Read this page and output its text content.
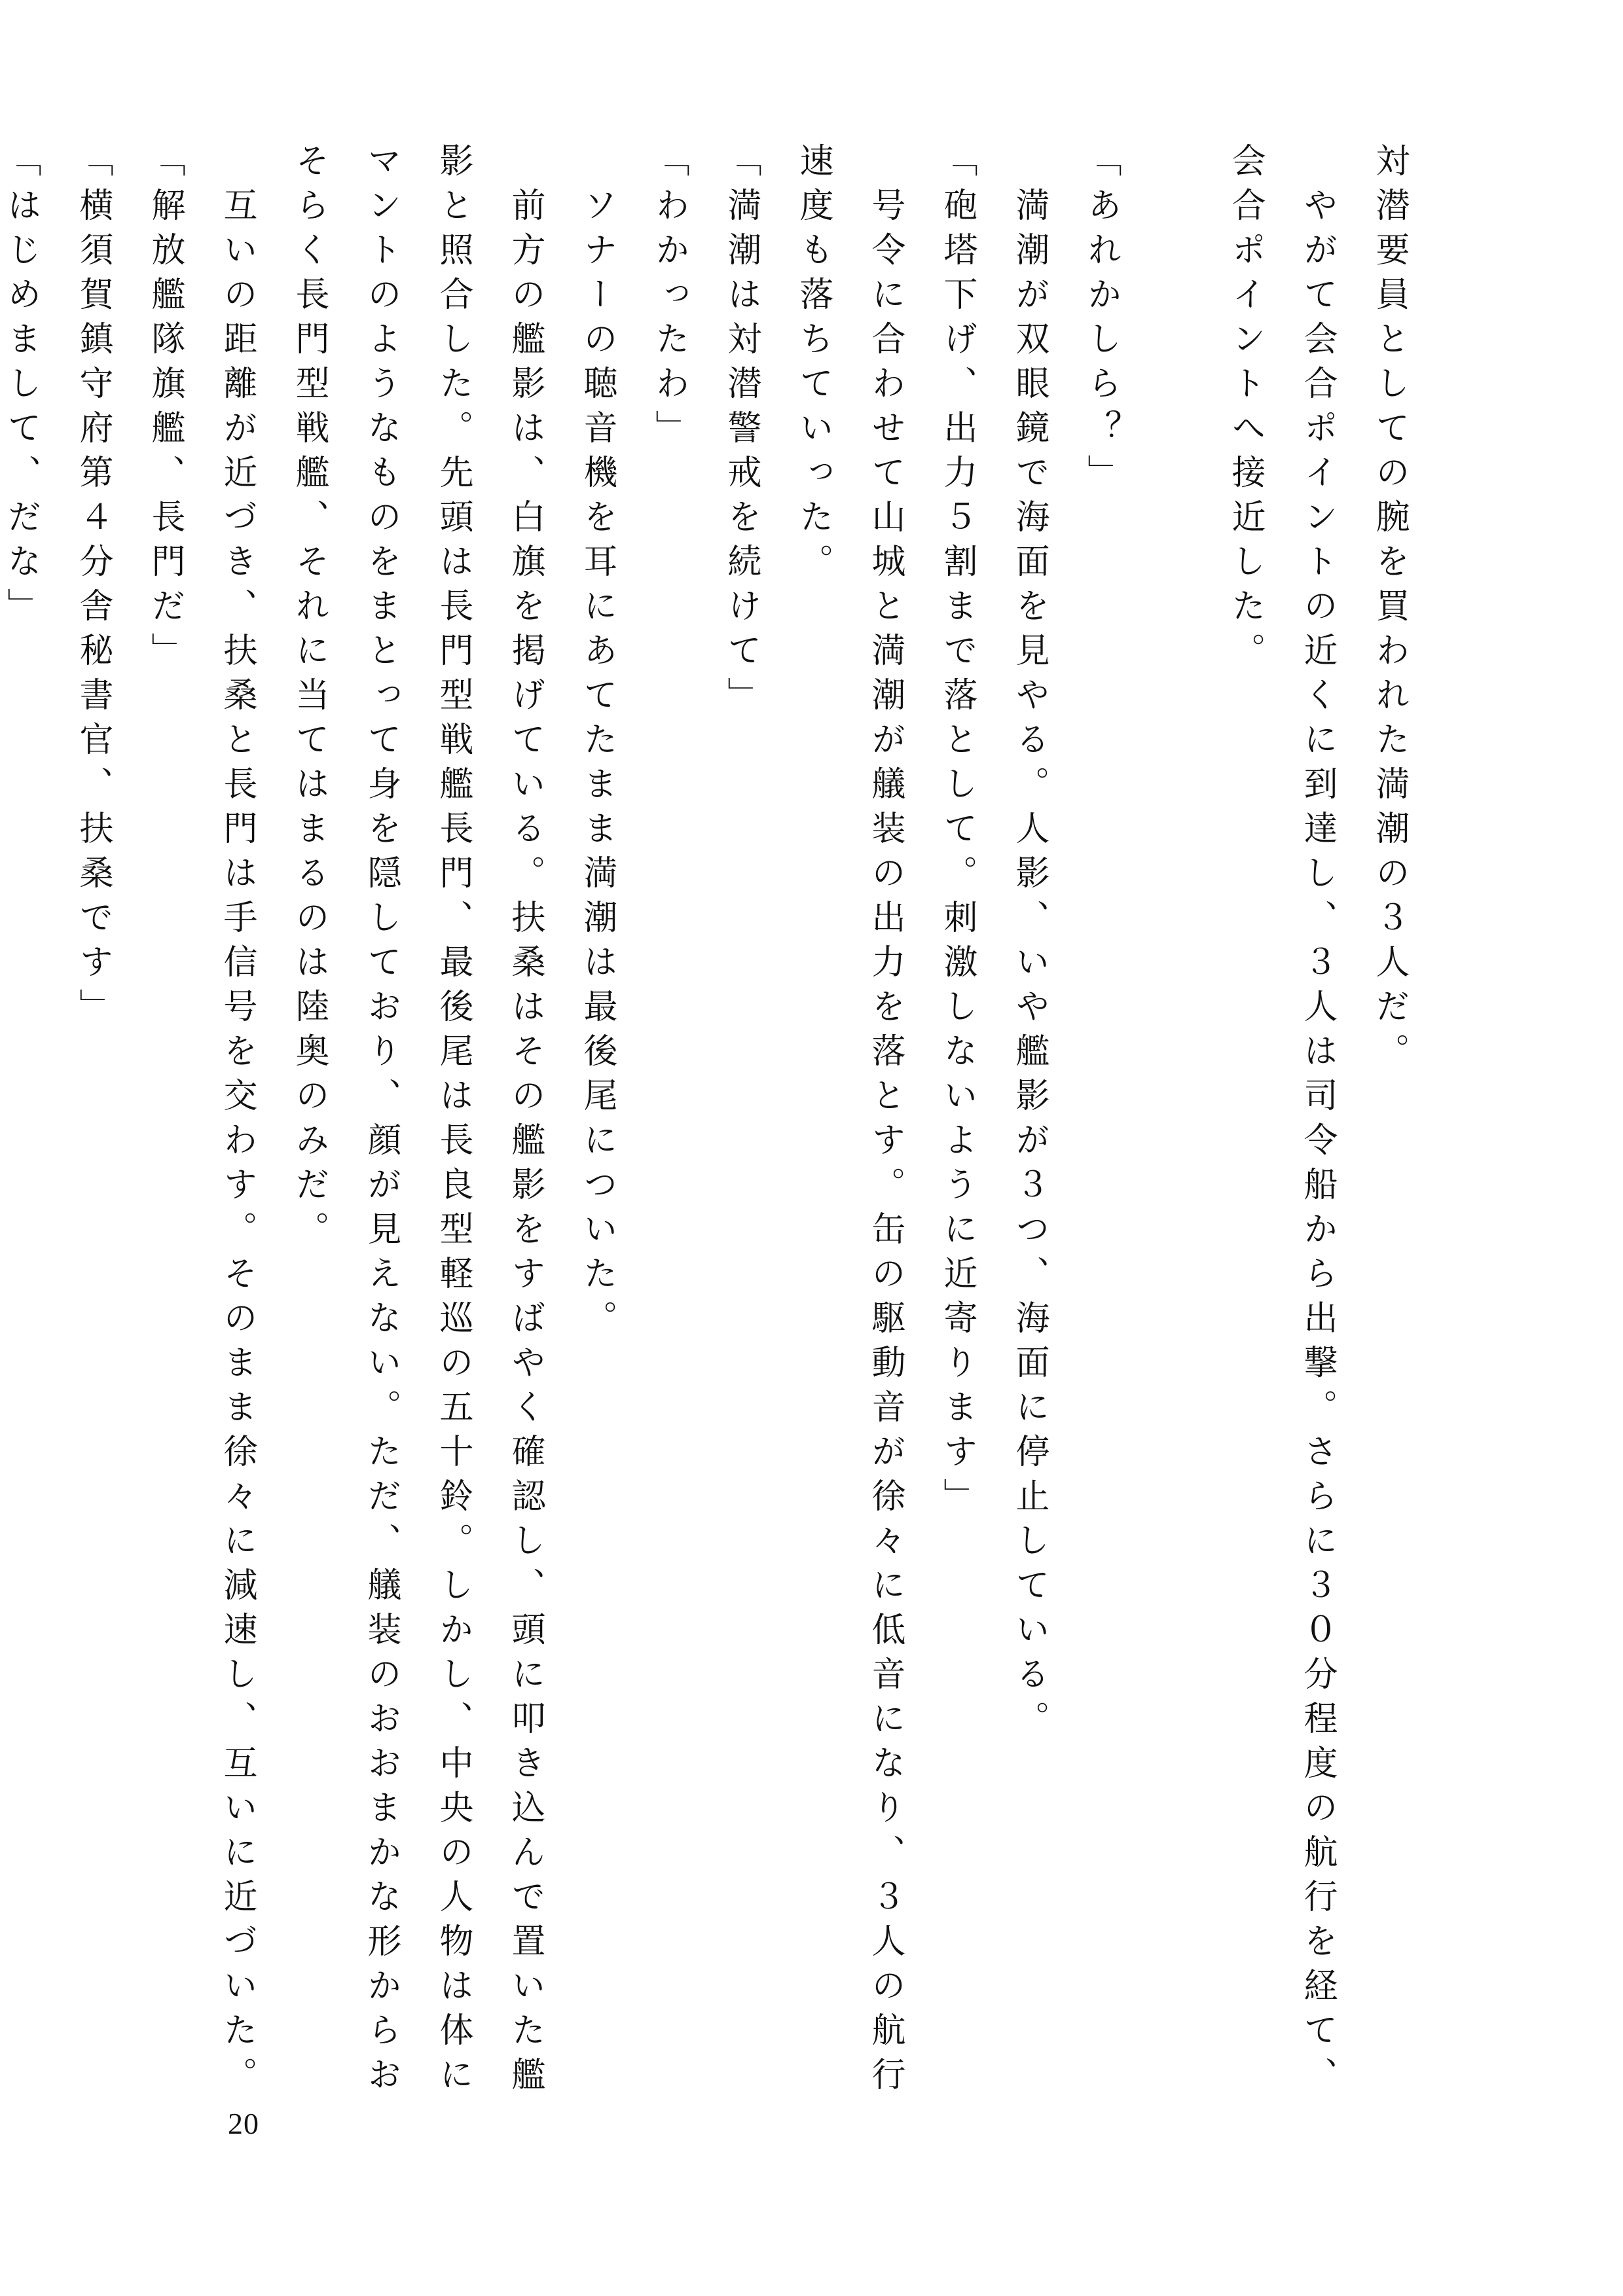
対潜要員としての腕を買われた満潮の３人だ。
　やがて会合ポイントの近くに到達し、３人は司令船から出撃。さらに３０分程度の航行を経て、
会合ポイントへ接近した。

「あれかしら？」
　満潮が双眼鏡で海面を見やる。人影、いや艦影が３つ、海面に停止している。
「砲塔下げ、出力５割まで落として。刺激しないように近寄ります」
　号令に合わせて山城と満潮が艤装の出力を落とす。缶の駆動音が徐々に低音になり、３人の航行
速度も落ちていった。
「満潮は対潜警戒を続けて」
「わかったわ」
　ソナーの聴音機を耳にあてたまま満潮は最後尾についた。
　前方の艦影は、白旗を掲げている。扶桑はその艦影をすばやく確認し、頭に叩き込んで置いた艦
影と照合した。先頭は長門型戦艦長門、最後尾は長良型軽巡の五十鈴。しかし、中央の人物は体に
マントのようなものをまとって身を隠しており、顔が見えない。ただ、艤装のおおまかな形からお
そらく長門型戦艦、それに当てはまるのは陸奥のみだ。
　互いの距離が近づき、扶桑と長門は手信号を交わす。そのまま徐々に減速し、互いに近づいた。
「解放艦隊旗艦、長門だ」
「横須賀鎮守府第４分舎秘書官、扶桑です」
「はじめまして、だな」
20
